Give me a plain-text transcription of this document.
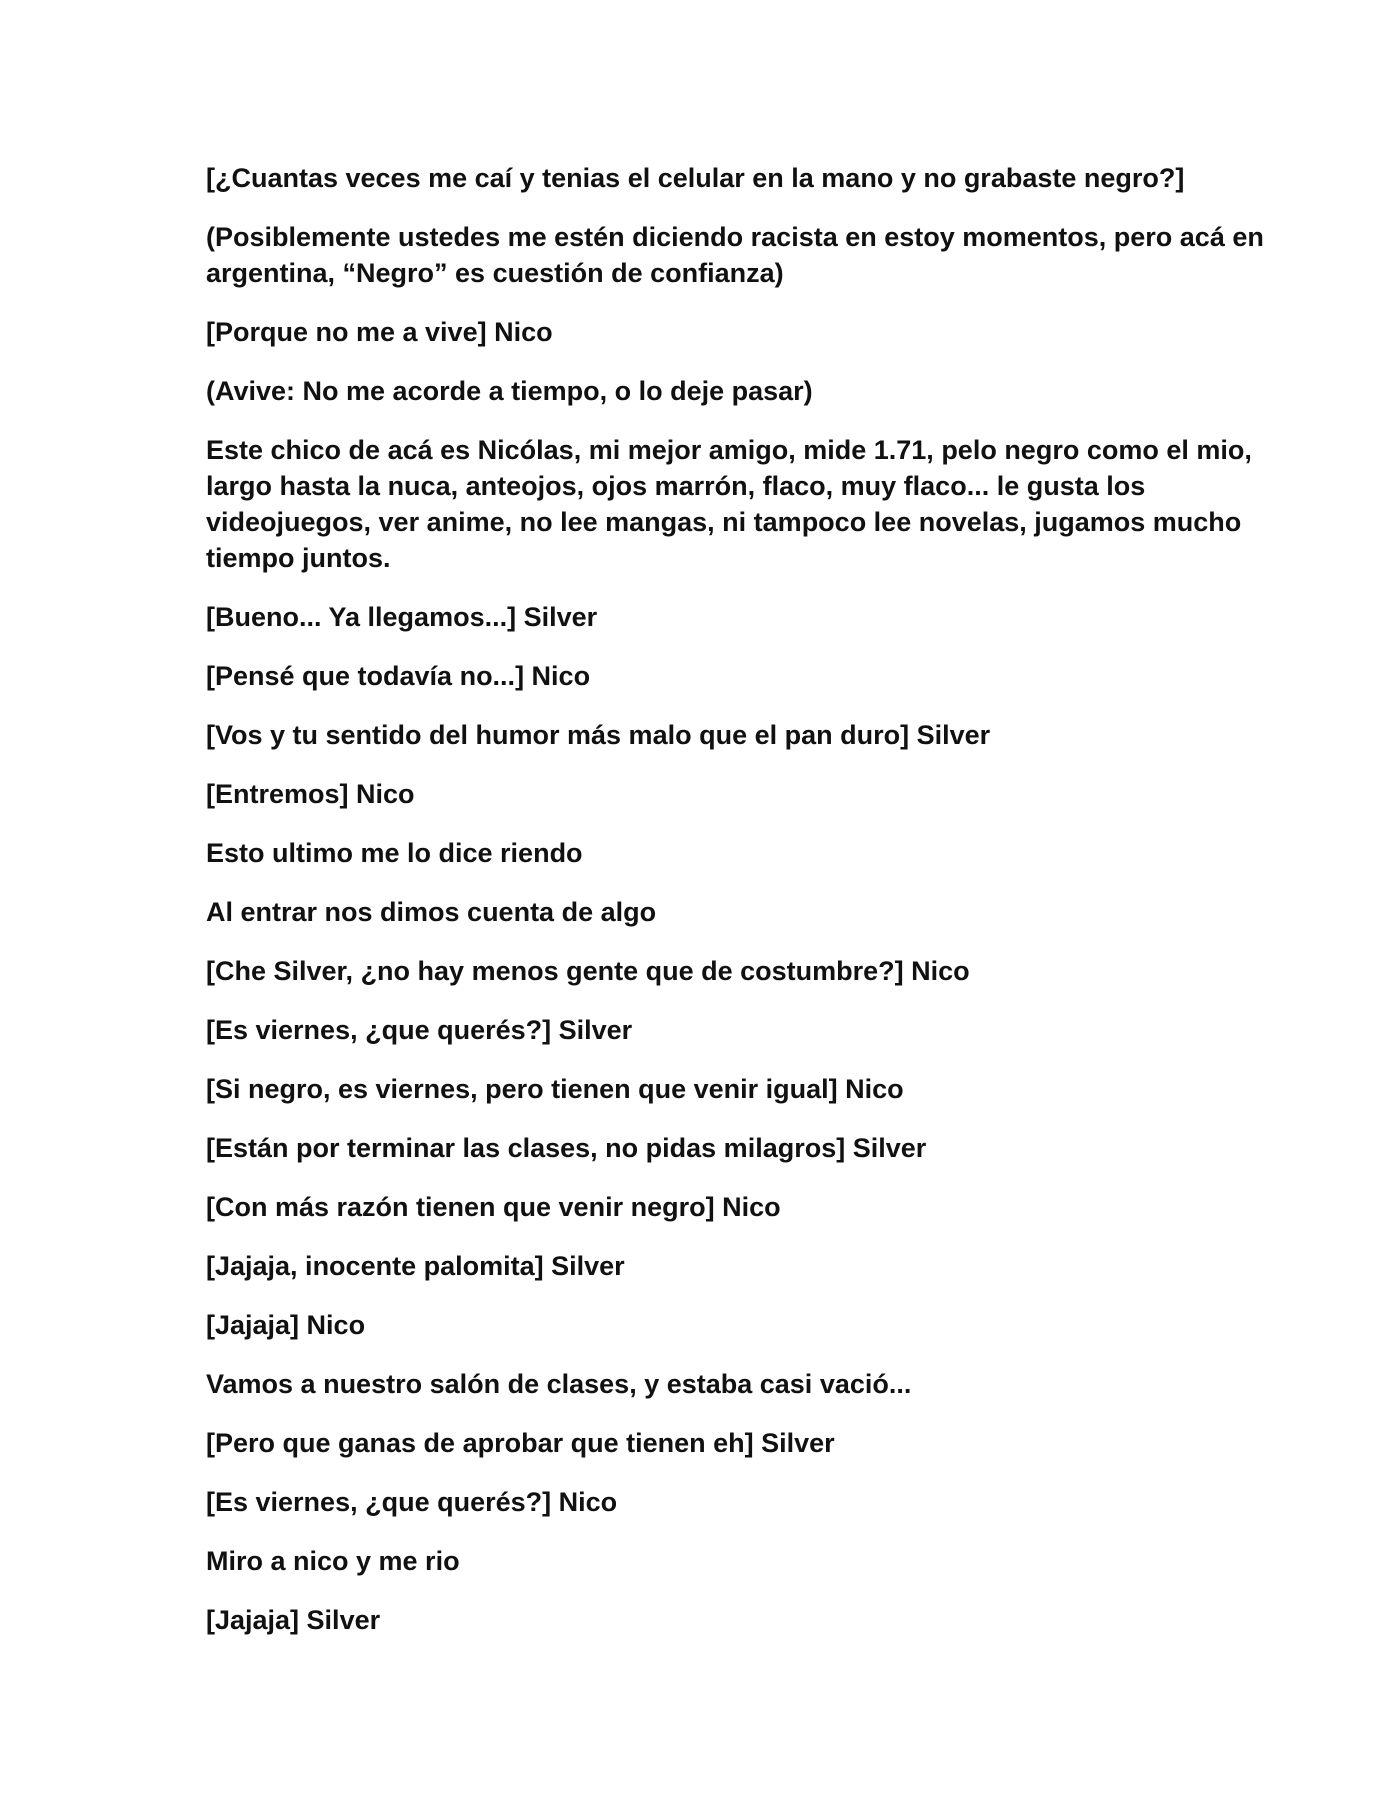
[¿Cuantas veces me caí y tenias el celular en la mano y no grabaste negro?]

(Posiblemente ustedes me estén diciendo racista en estoy momentos, pero acá en argentina, “Negro” es cuestión de confianza)

[Porque no me a vive] Nico

(Avive: No me acorde a tiempo, o lo deje pasar)

Este chico de acá es Nicólas, mi mejor amigo, mide 1.71, pelo negro como el mio, largo hasta la nuca, anteojos, ojos marrón, flaco, muy flaco... le gusta los videojuegos, ver anime, no lee mangas, ni tampoco lee novelas, jugamos mucho tiempo juntos.

[Bueno... Ya llegamos...] Silver

[Pensé que todavía no...] Nico

[Vos y tu sentido del humor más malo que el pan duro] Silver

[Entremos] Nico

Esto ultimo me lo dice riendo

Al entrar nos dimos cuenta de algo

[Che Silver, ¿no hay menos gente que de costumbre?] Nico

[Es viernes, ¿que querés?] Silver

[Si negro, es viernes, pero tienen que venir igual] Nico

[Están por terminar las clases, no pidas milagros] Silver

[Con más razón tienen que venir negro] Nico

[Jajaja, inocente palomita] Silver

[Jajaja] Nico

Vamos a nuestro salón de clases, y estaba casi vació...

[Pero que ganas de aprobar que tienen eh] Silver

[Es viernes, ¿que querés?] Nico

Miro a nico y me rio

[Jajaja] Silver
